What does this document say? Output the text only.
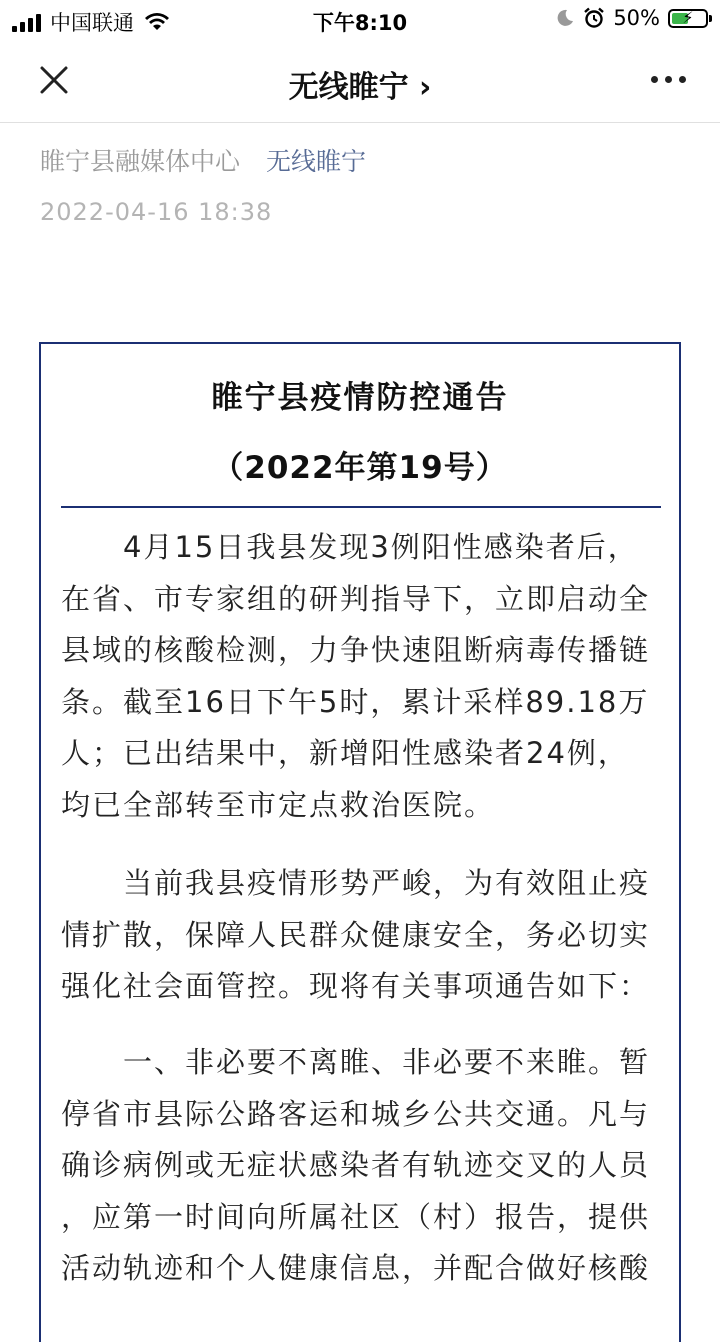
中国联通	下午8:10	50%	⚡
无线睢宁 ›
睢宁县融媒体中心 无线睢宁
2022-04-16 18:38
睢宁县疫情防控通告
（2022年第19号）
　　4月15日我县发现3例阳性感染者后，
在省、市专家组的研判指导下，立即启动全
县域的核酸检测，力争快速阻断病毒传播链
条。截至16日下午5时，累计采样89.18万
人；已出结果中，新增阳性感染者24例，
均已全部转至市定点救治医院。
　　当前我县疫情形势严峻，为有效阻止疫
情扩散，保障人民群众健康安全，务必切实
强化社会面管控。现将有关事项通告如下：
　　一、非必要不离睢、非必要不来睢。暂
停省市县际公路客运和城乡公共交通。凡与
确诊病例或无症状感染者有轨迹交叉的人员
，应第一时间向所属社区（村）报告，提供
活动轨迹和个人健康信息，并配合做好核酸
